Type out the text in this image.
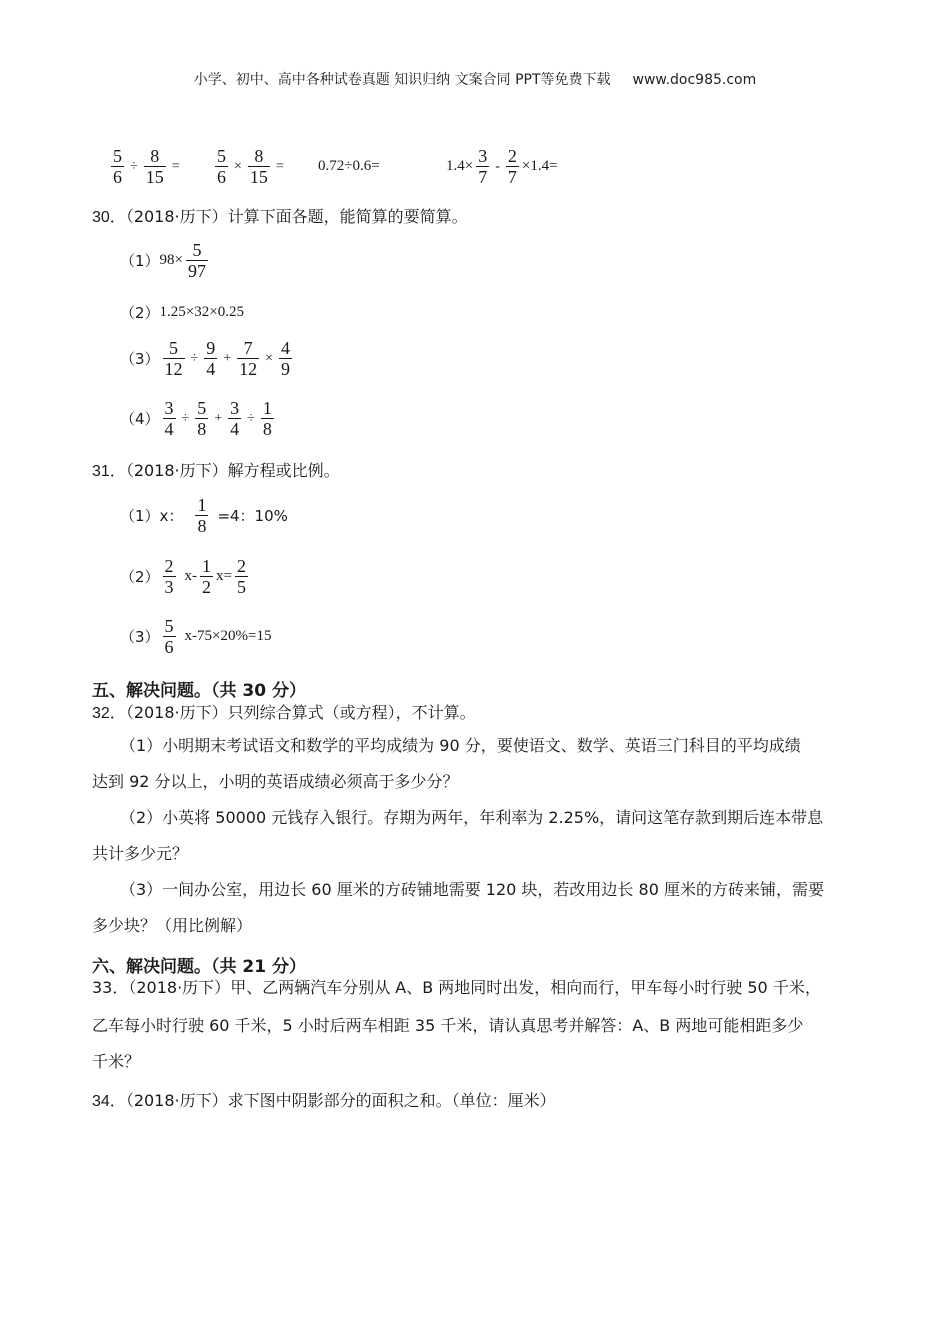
小学、初中、高中各种试卷真题 知识归纳 文案合同 PPT等免费下载 www.doc985.com
$\frac{5}{6} \div \frac{8}{15} = \frac{5}{6} \times \frac{8}{15} = 0.72\div 0.6=$	$1.4\times \frac{3}{7} - \frac{2}{7} \times 1.4=$
30．（2018·历下）计算下面各题，能简算的要简算。
（1） $98\times \frac{5}{97}$
（2） 1.25×32×0.25
$(3) \frac{5}{12} \div \frac{9}{4} + \frac{7}{12} \times \frac{4}{9}$
$(4) \frac{3}{4} \div \frac{5}{8} + \frac{3}{4} \div \frac{1}{8}$
31．（2018·历下）解方程或比例。
（1） x： $\frac{1}{8} =4$：10%
$(2) \frac{2}{3} x- \frac{1}{2} x= \frac{2}{5}$
$(3) \frac{5}{6} x-75\times 20\%=15$
五、解决问题。（共 30 分）
32．（2018·历下）只列综合算式（或方程），不计算。
（1）小明期末考试语文和数学的平均成绩为 90 分，要使语文、数学、英语三门科目的平均成绩
达到 92 分以上，小明的英语成绩必须高于多少分？
（2）小英将 50000 元钱存入银行。存期为两年，年利率为 2.25%，请问这笔存款到期后连本带息
共计多少元？
（3）一间办公室，用边长 60 厘米的方砖铺地需要 120 块，若改用边长 80 厘米的方砖来铺，需要
多少块？（用比例解）
六、解决问题。（共 21 分）
33．（2018·历下）甲、乙两辆汽车分别从 A、B 两地同时出发，相向而行，甲车每小时行驶 50 千米，
乙车每小时行驶 60 千米，5 小时后两车相距 35 千米，请认真思考并解答：A、B 两地可能相距多少
千米？
34．（2018·历下）求下图中阴影部分的面积之和。（单位：厘米）
